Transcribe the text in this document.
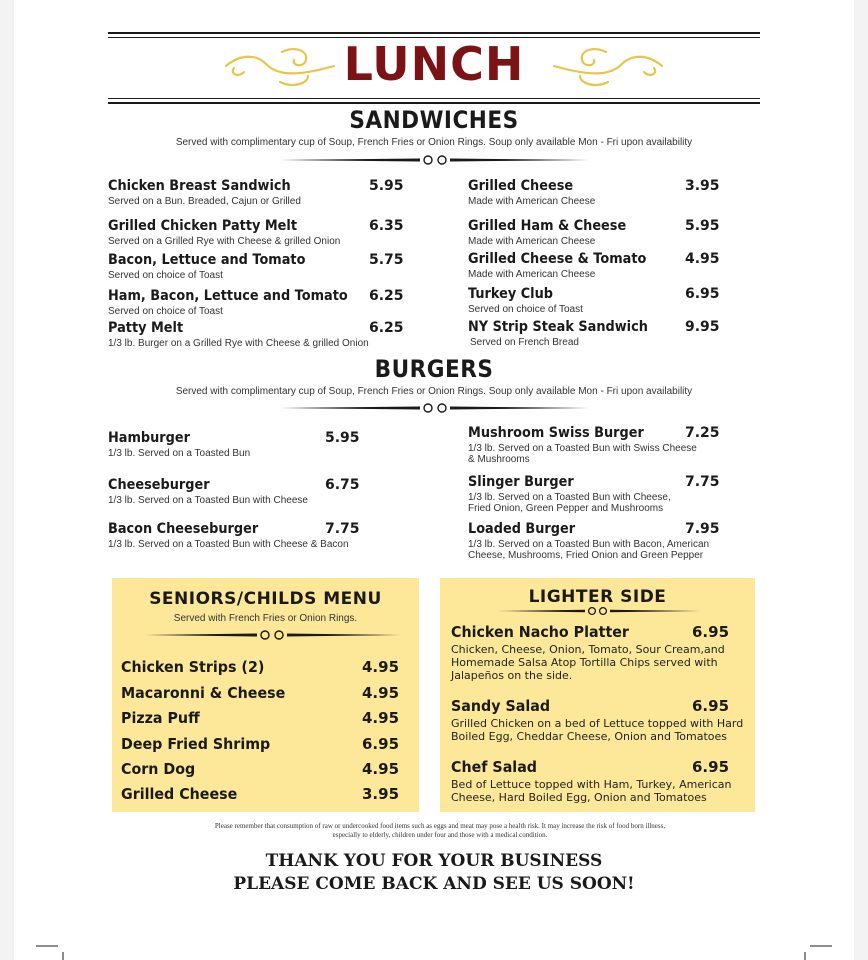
LUNCH
SANDWICHES
Served with complimentary cup of Soup, French Fries or Onion Rings. Soup only available Mon - Fri upon availability
Chicken Breast Sandwich	5.95
Served on a Bun. Breaded, Cajun or Grilled
Grilled Chicken Patty Melt	6.35
Served on a Grilled Rye with Cheese & grilled Onion
Bacon, Lettuce and Tomato	5.75
Served on choice of Toast
Ham, Bacon, Lettuce and Tomato 6.25
Served on choice of Toast
Patty Melt	6.25
1/3 lb. Burger on a Grilled Rye with Cheese & grilled Onion
Grilled Cheese	3.95
Made with American Cheese
Grilled Ham & Cheese	5.95
Made with American Cheese
Grilled Cheese & Tomato	4.95
Made with American Cheese
Turkey Club	6.95
Served on choice of Toast
NY Strip Steak Sandwich	9.95
Served on French Bread
BURGERS
Served with complimentary cup of Soup, French Fries or Onion Rings. Soup only available Mon - Fri upon availability
Hamburger	5.95
1/3 lb. Served on a Toasted Bun
Cheeseburger	6.75
1/3 lb. Served on a Toasted Bun with Cheese
Bacon Cheeseburger	7.75
1/3 lb. Served on a Toasted Bun with Cheese & Bacon
Mushroom Swiss Burger	7.25
1/3 lb. Served on a Toasted Bun with Swiss Cheese
& Mushrooms
Slinger Burger	7.75
1/3 lb. Served on a Toasted Bun with Cheese,
Fried Onion, Green Pepper and Mushrooms
Loaded Burger	7.95
1/3 lb. Served on a Toasted Bun with Bacon, American
Cheese, Mushrooms, Fried Onion and Green Pepper
SENIORS/CHILDS MENU
Served with French Fries or Onion Rings.
Chicken Strips (2)	4.95
Macaronni & Cheese	4.95
Pizza Puff	4.95
Deep Fried Shrimp	6.95
Corn Dog	4.95
Grilled Cheese	3.95
LIGHTER SIDE
Chicken Nacho Platter	6.95
Chicken, Cheese, Onion, Tomato, Sour Cream,and
Homemade Salsa Atop Tortilla Chips served with
Jalapeños on the side.
Sandy Salad	6.95
Grilled Chicken on a bed of Lettuce topped with Hard
Boiled Egg, Cheddar Cheese, Onion and Tomatoes
Chef Salad	6.95
Bed of Lettuce topped with Ham, Turkey, American
Cheese, Hard Boiled Egg, Onion and Tomatoes
Please remember that consumption of raw or undercooked food items such as eggs and meat may pose a health risk. It may increase the risk of food born illness,
especially to elderly, children under four and those with a medical condition.
THANK YOU FOR YOUR BUSINESS
PLEASE COME BACK AND SEE US SOON!
